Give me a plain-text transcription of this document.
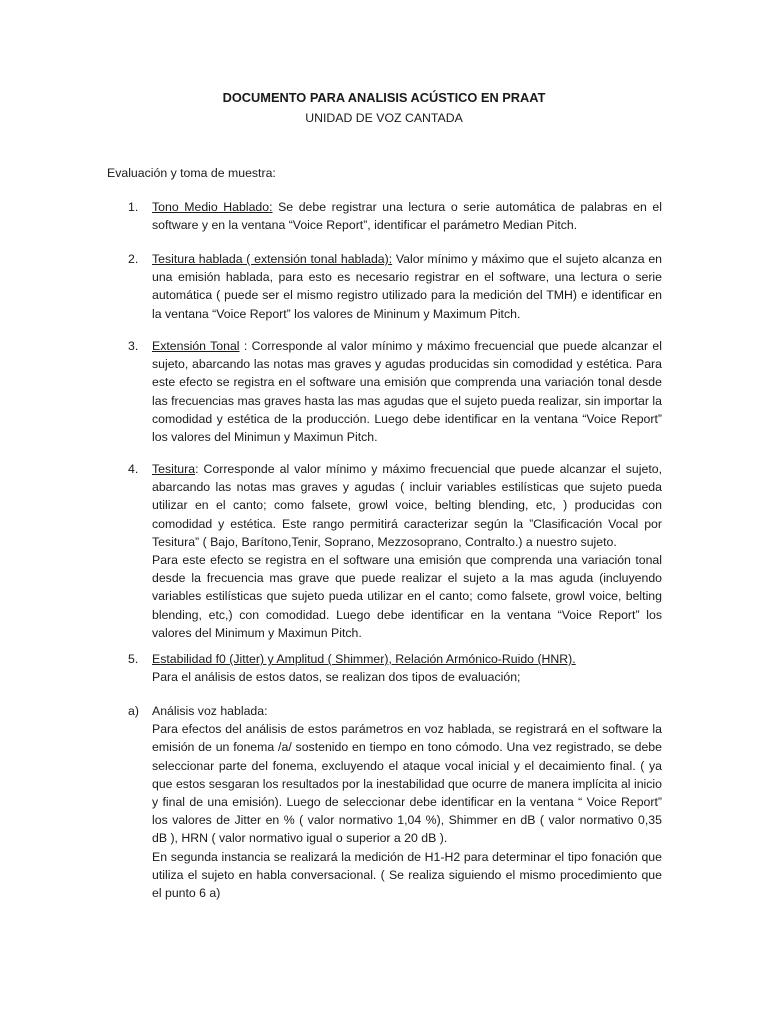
DOCUMENTO PARA ANALISIS ACÚSTICO EN PRAAT
UNIDAD DE VOZ CANTADA
Evaluación y toma de muestra:
1. Tono Medio Hablado: Se debe registrar una lectura o serie automática de palabras en el software y en la ventana “Voice Report”, identificar el parámetro Median Pitch.

2. Tesitura hablada ( extensión tonal hablada): Valor mínimo y máximo que el sujeto alcanza en una emisión hablada, para esto es necesario registrar en el software, una lectura o serie automática ( puede ser el mismo registro utilizado para la medición del TMH) e identificar en la ventana “Voice Report” los valores de Mininum y Maximum Pitch.

3. Extensión Tonal : Corresponde al valor mínimo y máximo frecuencial que puede alcanzar el sujeto, abarcando las notas mas graves y agudas producidas sin comodidad y estética. Para este efecto se registra en el software una emisión que comprenda una variación tonal desde las frecuencias mas graves hasta las mas agudas que el sujeto pueda realizar, sin importar la comodidad y estética de la producción. Luego debe identificar en la ventana “Voice Report” los valores del Minimun y Maximun Pitch.

4. Tesitura: Corresponde al valor mínimo y máximo frecuencial que puede alcanzar el sujeto, abarcando las notas mas graves y agudas ( incluir variables estilísticas que sujeto pueda utilizar en el canto; como falsete, growl voice, belting blending, etc, ) producidas con comodidad y estética. Este rango permitirá caracterizar según la ”Clasificación Vocal por Tesitura” ( Bajo, Barítono,Tenir, Soprano, Mezzosoprano, Contralto.) a nuestro sujeto.

Para este efecto se registra en el software una emisión que comprenda una variación tonal desde la frecuencia mas grave que puede realizar el sujeto a la mas aguda (incluyendo variables estilísticas que sujeto pueda utilizar en el canto; como falsete, growl voice, belting blending, etc,) con comodidad. Luego debe identificar en la ventana “Voice Report” los valores del Minimum y Maximun Pitch.

5. Estabilidad f0 (Jitter) y Amplitud ( Shimmer), Relación Armónico-Ruido (HNR).

Para el análisis de estos datos, se realizan dos tipos de evaluación;

a) Análisis voz hablada:

Para efectos del análisis de estos parámetros en voz hablada, se registrará en el software la emisión de un fonema /a/ sostenido en tiempo en tono cómodo. Una vez registrado, se debe seleccionar parte del fonema, excluyendo el ataque vocal inicial y el decaimiento final. ( ya que estos sesgaran los resultados por la inestabilidad que ocurre de manera implícita al inicio y final de una emisión). Luego de seleccionar debe identificar en la ventana “ Voice Report” los valores de Jitter en % ( valor normativo 1,04 %), Shimmer en dB ( valor normativo 0,35 dB ), HRN ( valor normativo igual o superior a 20 dB ).

En segunda instancia se realizará la medición de H1-H2 para determinar el tipo fonación que utiliza el sujeto en habla conversacional. ( Se realiza siguiendo el mismo procedimiento que el punto 6 a)
